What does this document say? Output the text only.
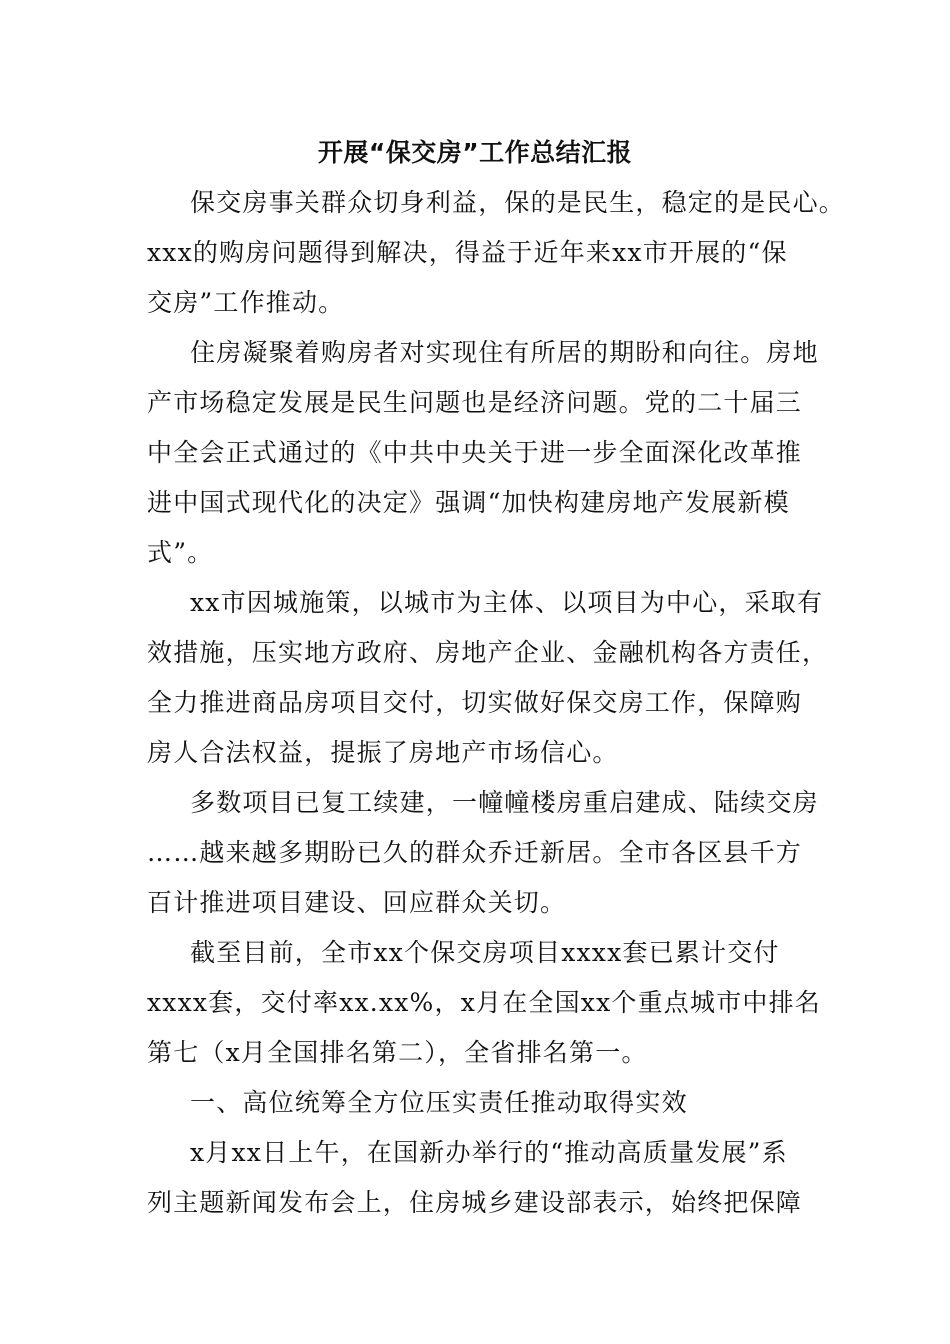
开展“保交房”工作总结汇报
保交房事关群众切身利益，保的是民生，稳定的是民心。
xxx的购房问题得到解决，得益于近年来xx市开展的“保
交房”工作推动。
住房凝聚着购房者对实现住有所居的期盼和向往。房地
产市场稳定发展是民生问题也是经济问题。党的二十届三
中全会正式通过的《中共中央关于进一步全面深化改革推
进中国式现代化的决定》强调“加快构建房地产发展新模
式”。
xx市因城施策，以城市为主体、以项目为中心，采取有
效措施，压实地方政府、房地产企业、金融机构各方责任，
全力推进商品房项目交付，切实做好保交房工作，保障购
房人合法权益，提振了房地产市场信心。
多数项目已复工续建，一幢幢楼房重启建成、陆续交房
……越来越多期盼已久的群众乔迁新居。全市各区县千方
百计推进项目建设、回应群众关切。
截至目前，全市xx个保交房项目xxxx套已累计交付
xxxx套，交付率xx.xx%，x月在全国xx个重点城市中排名
第七（x月全国排名第二），全省排名第一。
一、高位统筹全方位压实责任推动取得实效
x月xx日上午，在国新办举行的“推动高质量发展”系
列主题新闻发布会上，住房城乡建设部表示，始终把保障
